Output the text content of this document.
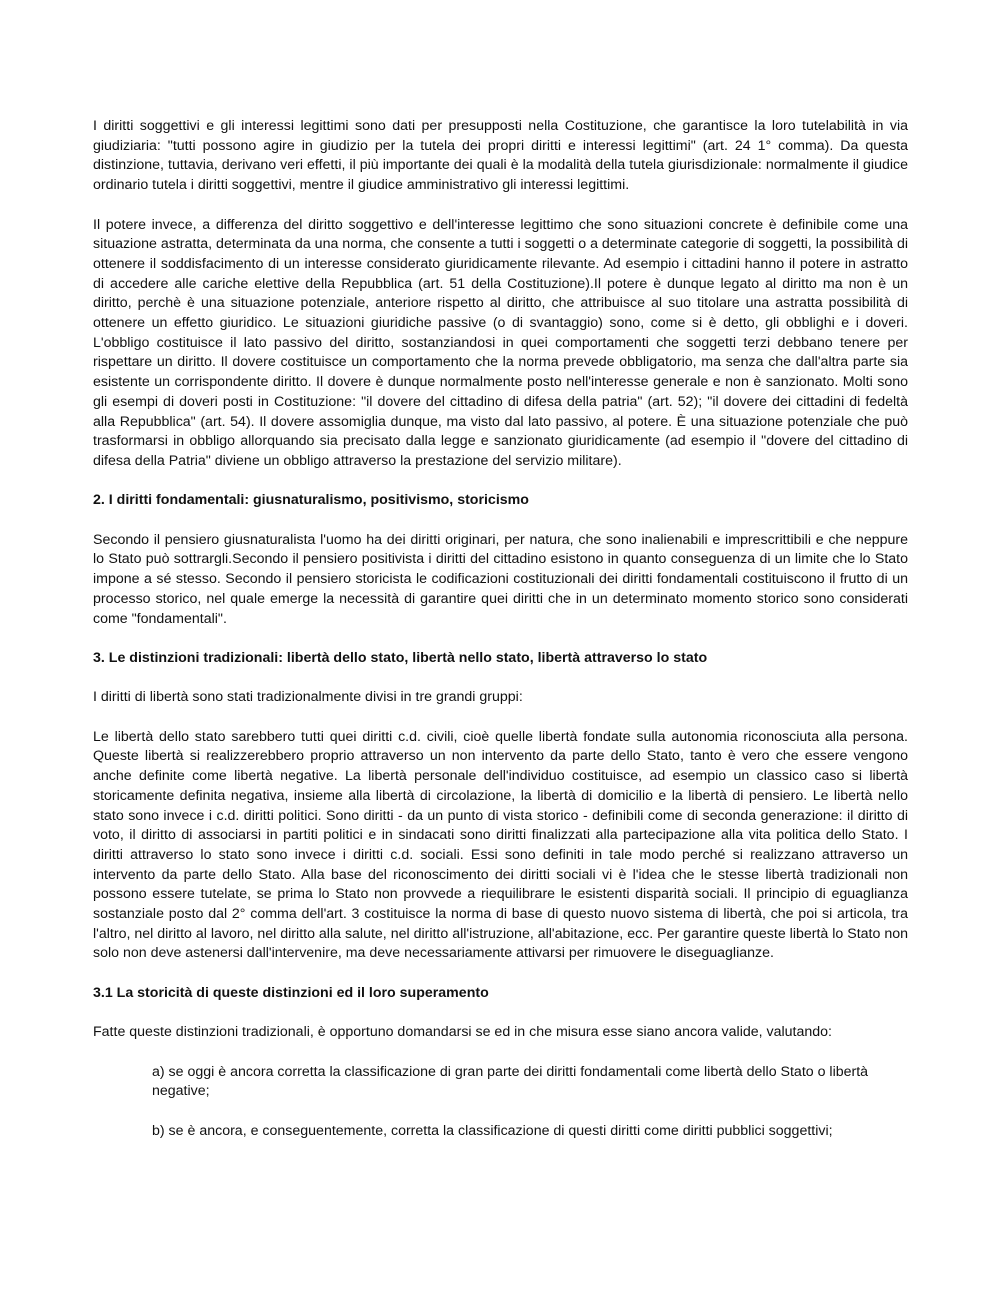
I diritti soggettivi e gli interessi legittimi sono dati per presupposti nella Costituzione, che garantisce la loro tutelabilità in via giudiziaria: "tutti possono agire in giudizio per la tutela dei propri diritti e interessi legittimi" (art. 24 1° comma). Da questa distinzione, tuttavia, derivano veri effetti, il più importante dei quali è la modalità della tutela giurisdizionale: normalmente il giudice ordinario tutela i diritti soggettivi, mentre il giudice amministrativo gli interessi legittimi.

Il potere invece, a differenza del diritto soggettivo e dell'interesse legittimo che sono situazioni concrete è definibile come una situazione astratta, determinata da una norma, che consente a tutti i soggetti o a determinate categorie di soggetti, la possibilità di ottenere il soddisfacimento di un interesse considerato giuridicamente rilevante. Ad esempio i cittadini hanno il potere in astratto di accedere alle cariche elettive della Repubblica (art. 51 della Costituzione).Il potere è dunque legato al diritto ma non è un diritto, perchè è una situazione potenziale, anteriore rispetto al diritto, che attribuisce al suo titolare una astratta possibilità di ottenere un effetto giuridico. Le situazioni giuridiche passive (o di svantaggio) sono, come si è detto, gli obblighi e i doveri. L'obbligo costituisce il lato passivo del diritto, sostanziandosi in quei comportamenti che soggetti terzi debbano tenere per rispettare un diritto. Il dovere costituisce un comportamento che la norma prevede obbligatorio, ma senza che dall'altra parte sia esistente un corrispondente diritto. Il dovere è dunque normalmente posto nell'interesse generale e non è sanzionato. Molti sono gli esempi di doveri posti in Costituzione: "il dovere del cittadino di difesa della patria" (art. 52); "il dovere dei cittadini di fedeltà alla Repubblica" (art. 54). Il dovere assomiglia dunque, ma visto dal lato passivo, al potere. È una situazione potenziale che può trasformarsi in obbligo allorquando sia precisato dalla legge e sanzionato giuridicamente (ad esempio il "dovere del cittadino di difesa della Patria" diviene un obbligo attraverso la prestazione del servizio militare).

2. I diritti fondamentali: giusnaturalismo, positivismo, storicismo

Secondo il pensiero giusnaturalista l'uomo ha dei diritti originari, per natura, che sono inalienabili e imprescrittibili e che neppure lo Stato può sottrargli.Secondo il pensiero positivista i diritti del cittadino esistono in quanto conseguenza di un limite che lo Stato impone a sé stesso. Secondo il pensiero storicista le codificazioni costituzionali dei diritti fondamentali costituiscono il frutto di un processo storico, nel quale emerge la necessità di garantire quei diritti che in un determinato momento storico sono considerati come "fondamentali".

3. Le distinzioni tradizionali: libertà dello stato, libertà nello stato, libertà attraverso lo stato

I diritti di libertà sono stati tradizionalmente divisi in tre grandi gruppi:

Le libertà dello stato sarebbero tutti quei diritti c.d. civili, cioè quelle libertà fondate sulla autonomia riconosciuta alla persona. Queste libertà si realizzerebbero proprio attraverso un non intervento da parte dello Stato, tanto è vero che essere vengono anche definite come libertà negative. La libertà personale dell'individuo costituisce, ad esempio un classico caso si libertà storicamente definita negativa, insieme alla libertà di circolazione, la libertà di domicilio e la libertà di pensiero. Le libertà nello stato sono invece i c.d. diritti politici. Sono diritti - da un punto di vista storico - definibili come di seconda generazione: il diritto di voto, il diritto di associarsi in partiti politici e in sindacati sono diritti finalizzati alla partecipazione alla vita politica dello Stato. I diritti attraverso lo stato sono invece i diritti c.d. sociali. Essi sono definiti in tale modo perché si realizzano attraverso un intervento da parte dello Stato. Alla base del riconoscimento dei diritti sociali vi è l'idea che le stesse libertà tradizionali non possono essere tutelate, se prima lo Stato non provvede a riequilibrare le esistenti disparità sociali. Il principio di eguaglianza sostanziale posto dal 2° comma dell'art. 3 costituisce la norma di base di questo nuovo sistema di libertà, che poi si articola, tra l'altro, nel diritto al lavoro, nel diritto alla salute, nel diritto all'istruzione, all'abitazione, ecc. Per garantire queste libertà lo Stato non solo non deve astenersi dall'intervenire, ma deve necessariamente attivarsi per rimuovere le diseguaglianze.

3.1 La storicità di queste distinzioni ed il loro superamento

Fatte queste distinzioni tradizionali, è opportuno domandarsi se ed in che misura esse siano ancora valide, valutando:

a) se oggi è ancora corretta la classificazione di gran parte dei diritti fondamentali come libertà dello Stato o libertà negative;

b) se è ancora, e conseguentemente, corretta la classificazione di questi diritti come diritti pubblici soggettivi;
